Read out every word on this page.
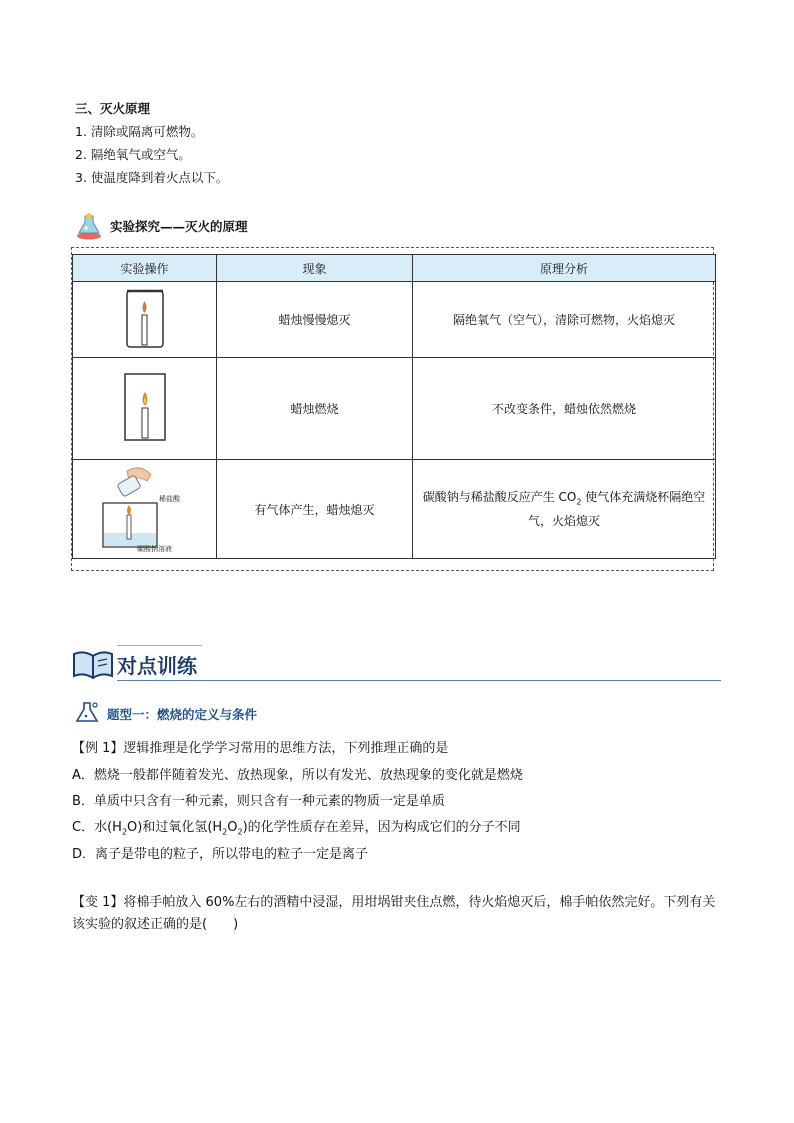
三、灭火原理
1. 清除或隔离可燃物。
2. 隔绝氧气或空气。
3. 使温度降到着火点以下。
实验探究——灭火的原理
实验操作	现象	原理分析
	蜡烛慢慢熄灭	隔绝氧气（空气），清除可燃物，火焰熄灭
	蜡烛燃烧	不改变条件，蜡烛依然燃烧

稀盐酸
碳酸钠溶液	有气体产生，蜡烛熄灭	碳酸钠与稀盐酸反应产生 $CO_2$ 使气体充满烧杯隔绝空气，火焰熄灭
对点训练
题型一：燃烧的定义与条件
【例 1】逻辑推理是化学学习常用的思维方法，下列推理正确的是
A．燃烧一般都伴随着发光、放热现象，所以有发光、放热现象的变化就是燃烧
B．单质中只含有一种元素，则只含有一种元素的物质一定是单质
C．水$(H_2O)$和过氧化氢$(H_2O_2)$的化学性质存在差异，因为构成它们的分子不同
D．离子是带电的粒子，所以带电的粒子一定是离子
【变 1】将棉手帕放入 60%左右的酒精中浸湿，用坩埚钳夹住点燃，待火焰熄灭后，棉手帕依然完好。下列有关该实验的叙述正确的是(　　)
